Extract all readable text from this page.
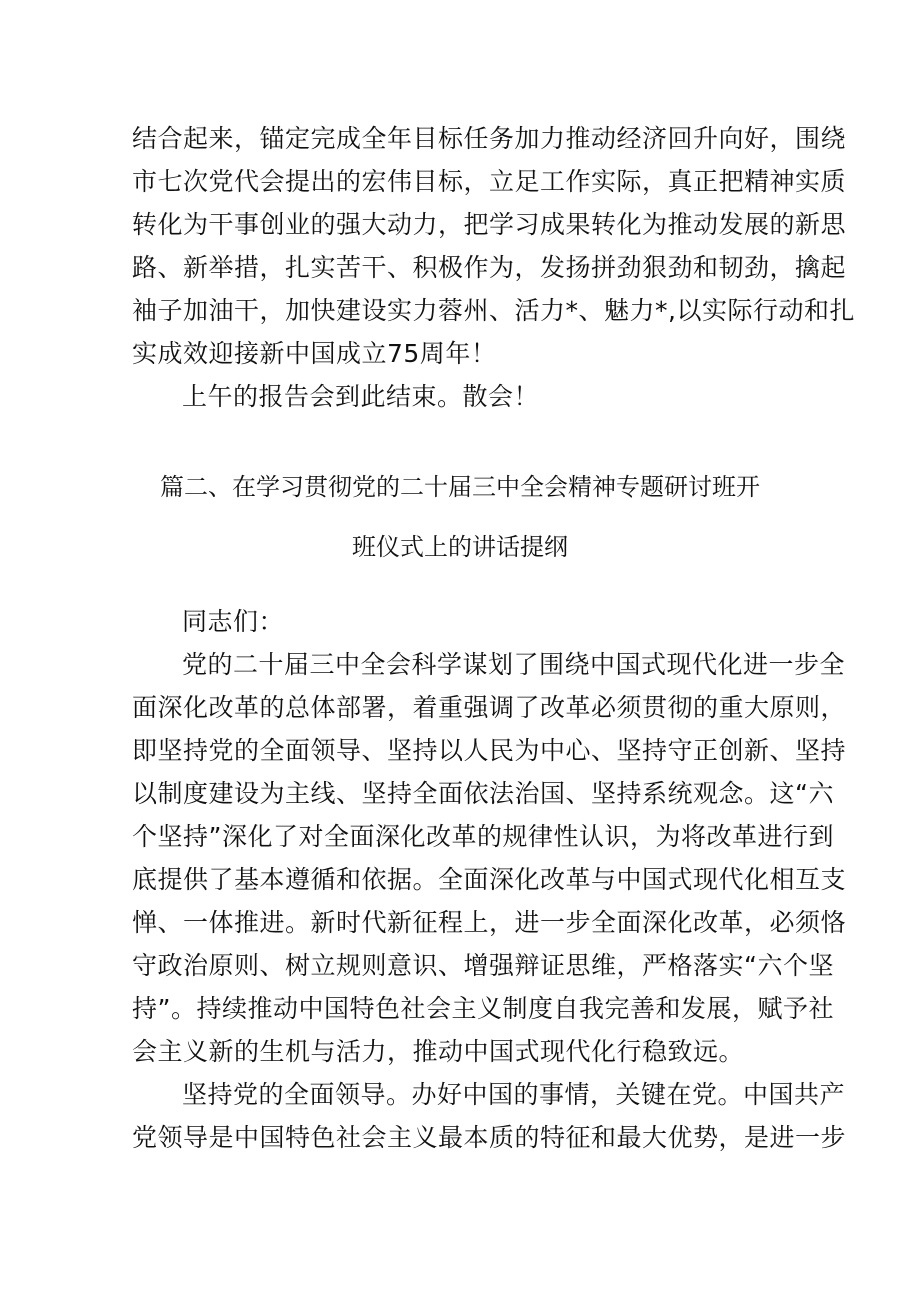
结合起来，锚定完成全年目标任务加力推动经济回升向好，围绕
市七次党代会提出的宏伟目标，立足工作实际，真正把精神实质
转化为干事创业的强大动力，把学习成果转化为推动发展的新思
路、新举措，扎实苦干、积极作为，发扬拼劲狠劲和韧劲，擒起
袖子加油干，加快建设实力蓉州、活力*、魅力*,以实际行动和扎
实成效迎接新中国成立75周年！
上午的报告会到此结束。散会！
篇二、在学习贯彻党的二十届三中全会精神专题研讨班开
班仪式上的讲话提纲
同志们：
党的二十届三中全会科学谋划了围绕中国式现代化进一步全
面深化改革的总体部署，着重强调了改革必须贯彻的重大原则，
即坚持党的全面领导、坚持以人民为中心、坚持守正创新、坚持
以制度建设为主线、坚持全面依法治国、坚持系统观念。这“六
个坚持”深化了对全面深化改革的规律性认识，为将改革进行到
底提供了基本遵循和依据。全面深化改革与中国式现代化相互支
惮、一体推进。新时代新征程上，进一步全面深化改革，必须恪
守政治原则、树立规则意识、增强辩证思维，严格落实“六个坚
持”。持续推动中国特色社会主义制度自我完善和发展，赋予社
会主义新的生机与活力，推动中国式现代化行稳致远。
坚持党的全面领导。办好中国的事情，关键在党。中国共产
党领导是中国特色社会主义最本质的特征和最大优势，是进一步
